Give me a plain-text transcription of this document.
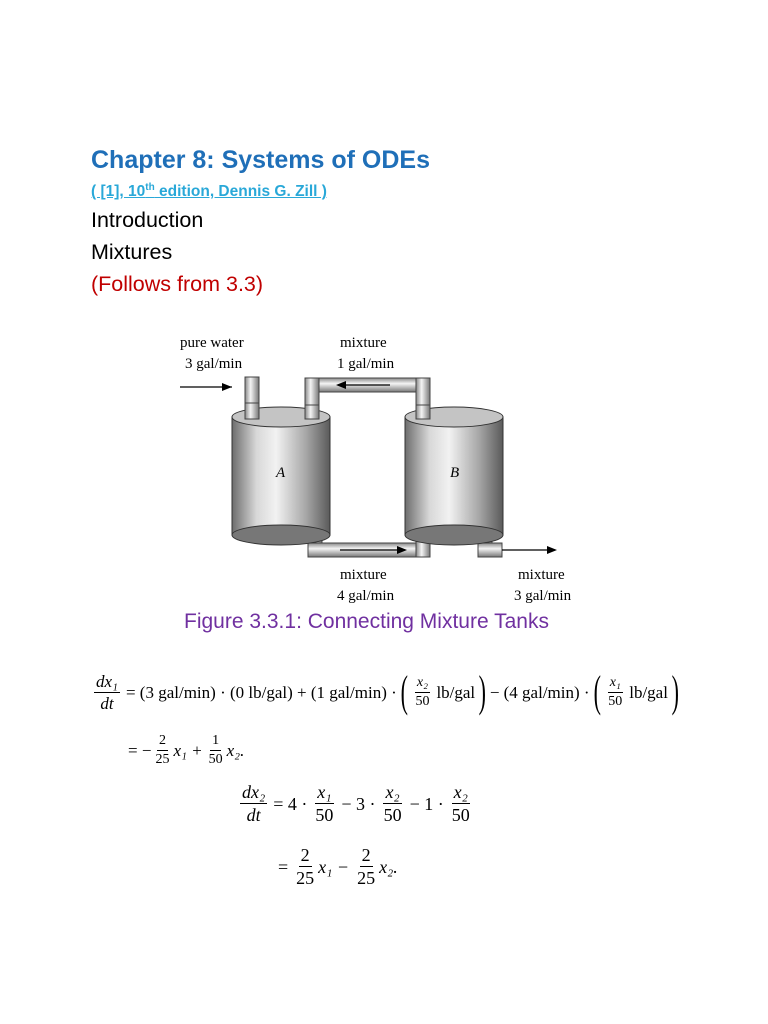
Chapter 8: Systems of ODEs
( [1], 10th edition, Dennis G. Zill )
Introduction
Mixtures
(Follows from 3.3)
pure water
3 gal/min
mixture
1 gal/min
mixture
4 gal/min
mixture
3 gal/min
A	B
Figure 3.3.1: Connecting Mixture Tanks
$\frac{\text{dx₁}}{dt} = (3$ gal/min) · (0 lb/gal) + (1 gal/min) · ( x₂
50 lb/gal ) − (4 gal/min) · ( x₁
50 lb/gal )
= − $\frac{2}{25} x_1 + \frac{1}{50} x_2$.
$\frac{\text{dx₂}}{dt} = 4$ ·
x₁
50
− 3 ·
x₂
50
− 1 ·
x₂
50
= $\frac{2}{25} x_1 - \frac{2}{25} x_2$.
